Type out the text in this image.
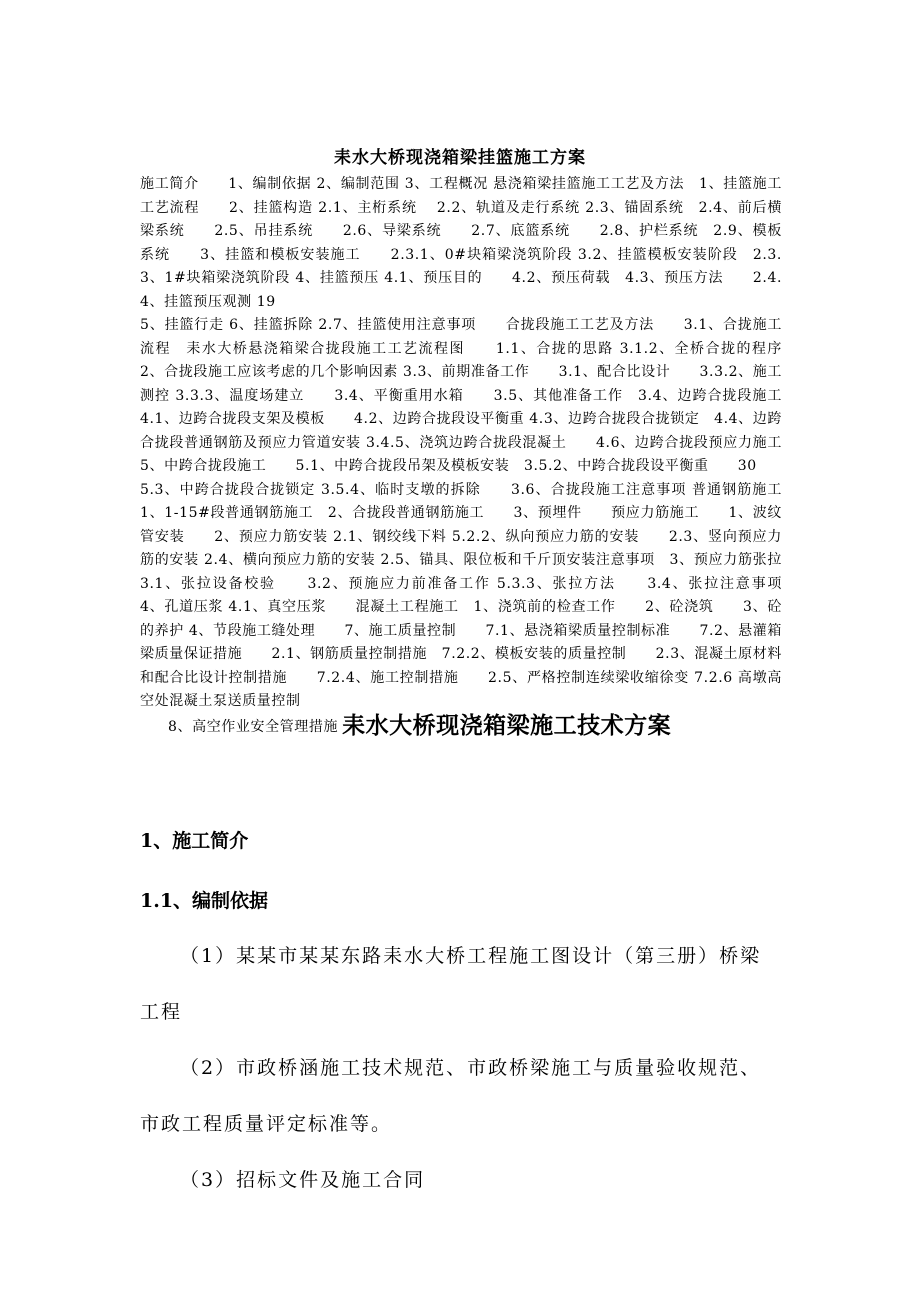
耒水大桥现浇箱梁挂篮施工方案

施工简介　　1、编制依据 2、编制范围 3、工程概况 悬浇箱梁挂篮施工工艺及方法　1、挂篮施工工艺流程　　2、挂篮构造 2.1、主桁系统　 2.2、轨道及走行系统 2.3、锚固系统　2.4、前后横梁系统　　2.5、吊挂系统　　2.6、导梁系统　　2.7、底篮系统　　2.8、护栏系统　2.9、模板系统　　3、挂篮和模板安装施工　　2.3.1、0#块箱梁浇筑阶段 3.2、挂篮模板安装阶段　2.3.3、1#块箱梁浇筑阶段 4、挂篮预压 4.1、预压目的　　4.2、预压荷载　4.3、预压方法　　2.4.4、挂篮预压观测 19

5、挂篮行走 6、挂篮拆除 2.7、挂篮使用注意事项　　合拢段施工工艺及方法　　3.1、合拢施工流程　耒水大桥悬浇箱梁合拢段施工工艺流程图　　1.1、合拢的思路 3.1.2、全桥合拢的程序　2、合拢段施工应该考虑的几个影响因素 3.3、前期准备工作　　3.1、配合比设计　　3.3.2、施工测控 3.3.3、温度场建立　　3.4、平衡重用水箱　　3.5、其他准备工作　3.4、边跨合拢段施工 4.1、边跨合拢段支架及模板　　4.2、边跨合拢段设平衡重 4.3、边跨合拢段合拢锁定　4.4、边跨合拢段普通钢筋及预应力管道安装 3.4.5、浇筑边跨合拢段混凝土　　4.6、边跨合拢段预应力施工　　5、中跨合拢段施工　　5.1、中跨合拢段吊架及模板安装　3.5.2、中跨合拢段设平衡重　　30

5.3、中跨合拢段合拢锁定 3.5.4、临时支墩的拆除　　3.6、合拢段施工注意事项 普通钢筋施工　　1、1-15#段普通钢筋施工　2、合拢段普通钢筋施工　　3、预埋件　　预应力筋施工　　1、波纹管安装　　2、预应力筋安装 2.1、钢绞线下料 5.2.2、纵向预应力筋的安装　　2.3、竖向预应力筋的安装 2.4、横向预应力筋的安装 2.5、锚具、限位板和千斤顶安装注意事项　3、预应力筋张拉 3.1、张拉设备校验　　3.2、预施应力前准备工作 5.3.3、张拉方法　　3.4、张拉注意事项　　4、孔道压浆 4.1、真空压浆　　混凝土工程施工　1、浇筑前的检查工作　　2、砼浇筑　　3、砼的养护 4、节段施工缝处理　　7、施工质量控制　　7.1、悬浇箱梁质量控制标准　　7.2、悬灌箱梁质量保证措施　　2.1、钢筋质量控制措施　7.2.2、模板安装的质量控制　　2.3、混凝土原材料和配合比设计控制措施　　7.2.4、施工控制措施　　2.5、严格控制连续梁收缩徐变 7.2.6 高墩高空处混凝土泵送质量控制

8、高空作业安全管理措施 耒水大桥现浇箱梁施工技术方案

1、施工简介
1.1、编制依据

（1）某某市某某东路耒水大桥工程施工图设计（第三册）桥梁工程

（2）市政桥涵施工技术规范、市政桥梁施工与质量验收规范、市政工程质量评定标准等。

（3）招标文件及施工合同
